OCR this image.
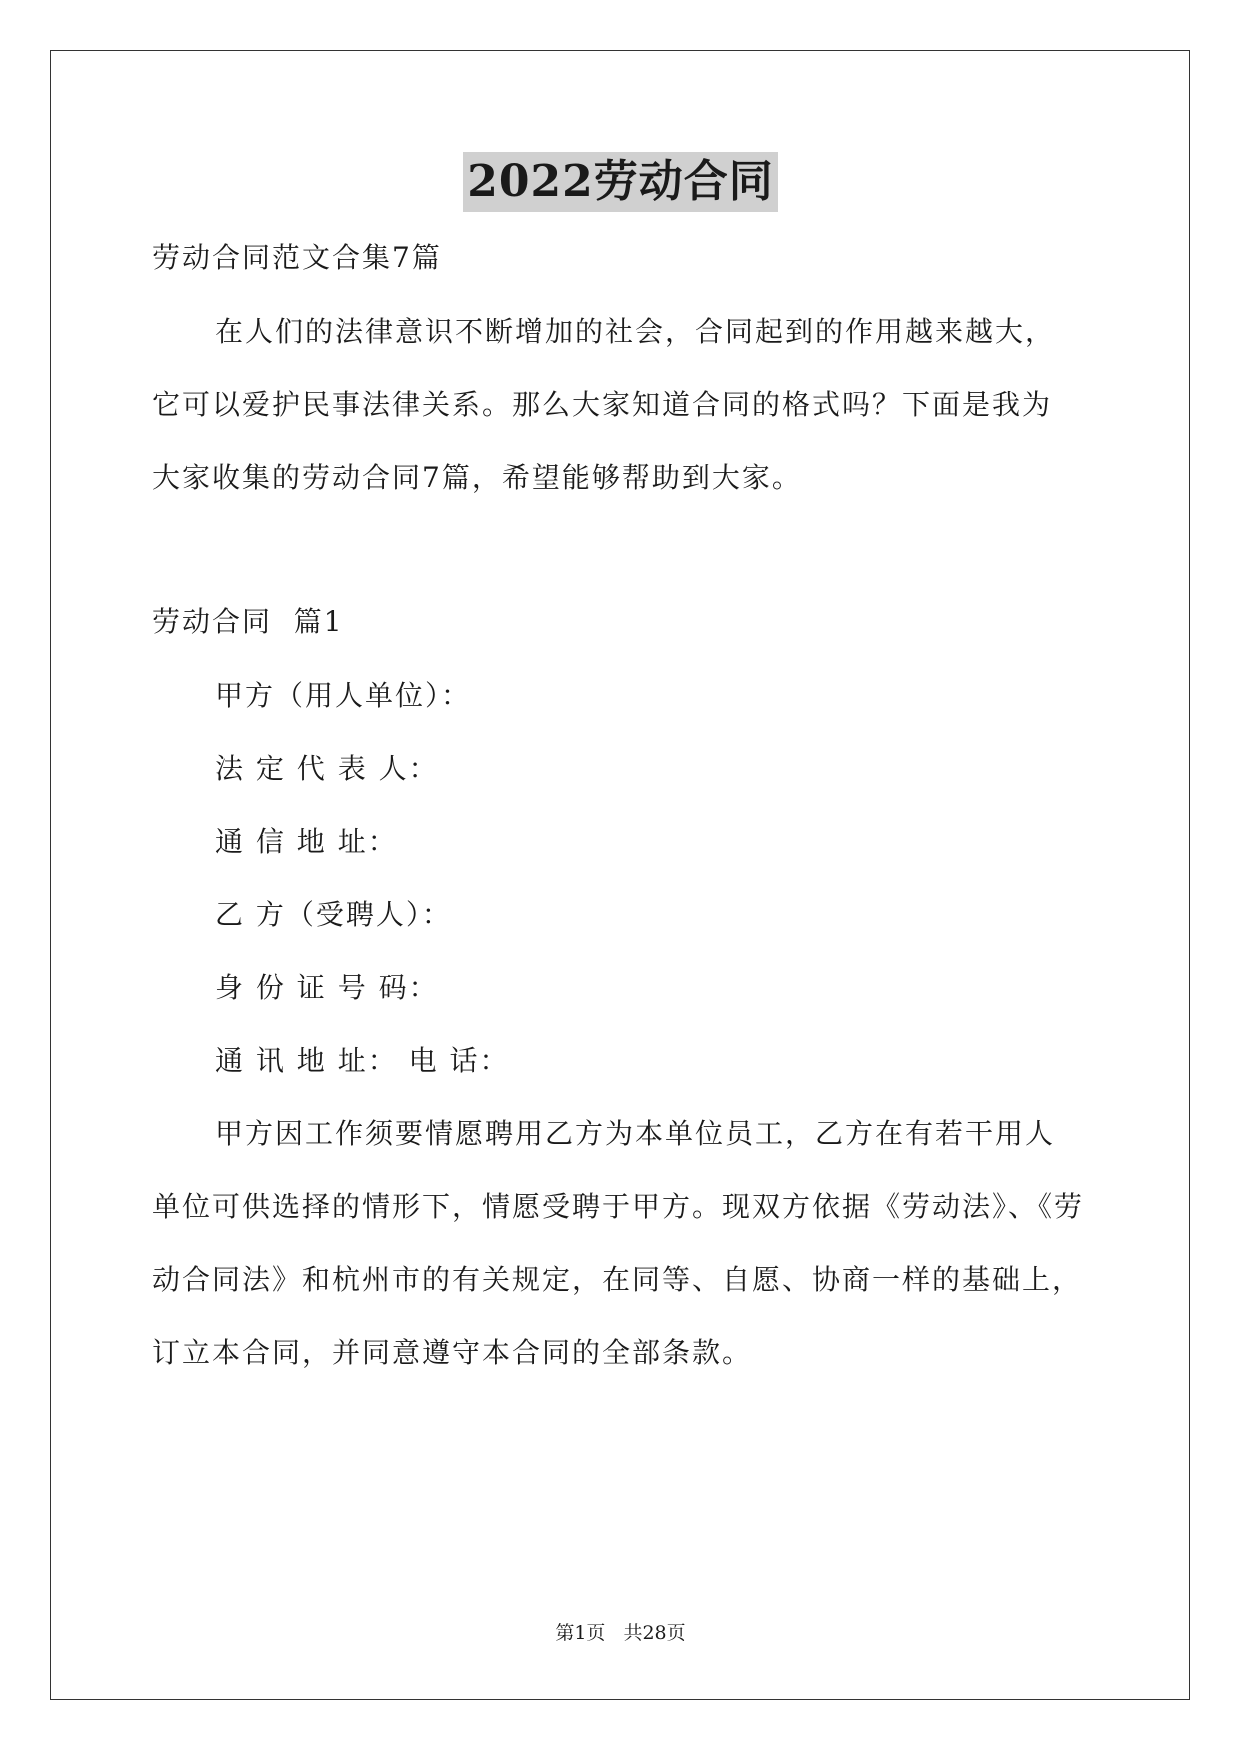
2022劳动合同
劳动合同范文合集7篇
在人们的法律意识不断增加的社会，合同起到的作用越来越大，
它可以爱护民事法律关系。那么大家知道合同的格式吗？下面是我为
大家收集的劳动合同7篇，希望能够帮助到大家。
劳动合同  篇1
甲方（用人单位）：
法 定 代 表 人：
通 信 地 址：
乙 方（受聘人）：
身 份 证 号 码：
通 讯 地 址： 电 话：
甲方因工作须要情愿聘用乙方为本单位员工，乙方在有若干用人
单位可供选择的情形下，情愿受聘于甲方。现双方依据《劳动法》、《劳
动合同法》和杭州市的有关规定，在同等、自愿、协商一样的基础上，
订立本合同，并同意遵守本合同的全部条款。
第1页 共28页
